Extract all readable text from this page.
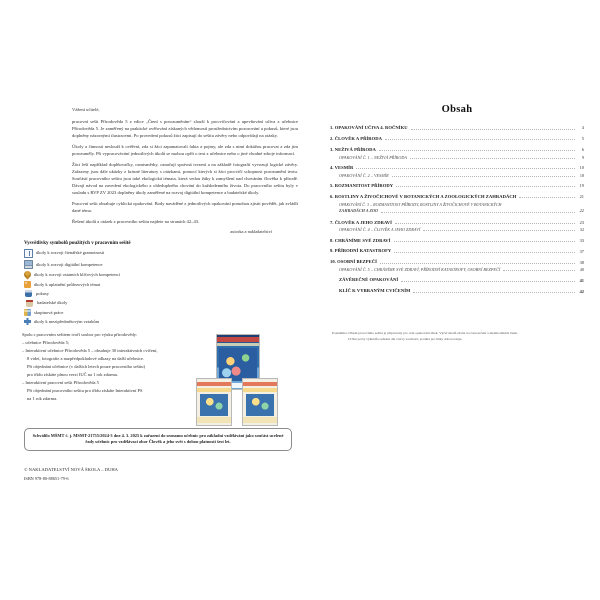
Vážení učitelé,

pracovní sešit Přírodověda 5 z edice „Čtení s porozuměním“ slouží k procvičování a upevňování učiva z učebnice Přírodověda 5. Je zaměřený na praktické ověřování získaných vědomostí prostřednictvím pozorování a pokusů, které jsou doplněny názornými ilustracemi. Po provedení pokusů žáci zapisují do sešitu závěry nebo odpovídají na otázky.

Úkoly a činnosti neslouží k ověření, zda si žáci zapamatovali fakta a pojmy, ale zda s nimi dokážou pracovat a zda jim porozuměly. Při vypracovávání jednotlivých úkolů se mohou opřít o text z učebnice nebo o jiné vhodné zdroje informací.

Žáci řeší například doplňovačky, osmisměrky, označují správná tvrzení a na základě fotografií vyvozují logické závěry. Zařazeny jsou dále ukázky z krásné literatury s otázkami, pomocí kterých si žáci procvičí schopnost porozumění textu. Součástí pracovního sešitu jsou také ekologická témata, která vedou žáky k zamyšlení nad chováním člověka k přírodě. Dávají návod na zavedení ekologického a ohleduplného chování do každodenního života. Do pracovního sešitu byly v souladu s RVP ZV 2023 doplněny úkoly zaměřené na rozvoj digitální kompetence a badatelské úkoly.

Pracovní sešit obsahuje cyklická opakování. Body naváděné z jednotlivých opakování pomohou zjistit povědět, jak zvládli dané téma.

Řešení úkolů a otázek z pracovního sešitu najdete na stranách 42–43.

autorka a nakladatelství
Vysvětlivky symbolů použitých v pracovním sešitě
úkoly k rozvoji čtenářské gramotnosti
úkoly k rozvoji digitální kompetence
úkoly k rozvoji ostatních klíčových kompetencí
úkoly k uplatnění průřezových témat
pokusy
badatelské úkoly
skupinová práce
úkoly k mezipředmětovým vztahům

Spolu s pracovním sešitem tvoří soubor pro výuku přírodovědy:

– učebnice Přírodověda 5;

– Interaktivní učebnice Přírodověda 5 – obsahuje 30 interaktivních cvičení,

8 videí, fotografie a nazpředpokladové odkazy na další učebnice.

Při objednání učebnice (v dalších letech pouze pracovního sešitu)

pro třídu získáte plnou verzi IUČ na 1 rok zdarma.

– Interaktivní pracovní sešit Přírodověda 5

Při objednání pracovního sešitu pro třídu získáte Interaktivní PS

na 1 rok zdarma.

Schválilo MŠMT č. j. MSMT-21755/2024-3 dne 4. 3. 2025 k zařazení do seznamu učebnic pro základní vzdělávání jako součást ucelené řady učebnic pro vzdělávací obor Člověk a jeho svět s dobou platnosti šest let.
© NAKLADATELSTVÍ NOVÁ ŠKOLA – DUHA
ISBN 978-80-88651-79-6
Obsah
1. OPAKOVÁNÍ UČIVA 4. ROČNÍKU	4
2. ČLOVĚK A PŘÍRODA	5
3. NEŽIVÁ PŘÍRODA	6
OPAKOVÁNÍ Č. 1 – NEŽIVÁ PŘÍRODA	9
4. VESMÍR	10
OPAKOVÁNÍ Č. 2 – VESMÍR	18
5. ROZMANITOST PŘÍRODY	19
6. ROSTLINY A ŽIVOČICHOVÉ V BOTANICKÝCH A ZOOLOGICKÝCH ZAHRADÁCH	21
OPAKOVÁNÍ Č. 3 – ROZMANITOST PŘÍRODY, ROSTLINY A ŽIVOČICHOVÉ V BOTANICKÝCH
ZAHRADÁCH A ZOO	22
7. ČLOVĚK A JEHO ZDRAVÍ	23
OPAKOVÁNÍ Č. 4 – ČLOVĚK A JEHO ZDRAVÍ	32
8. CHRÁNÍME SVÉ ZDRAVÍ	33
9. PŘÍRODNÍ KATASTROFY	37
10. OSOBNÍ BEZPEČÍ	38
OPAKOVÁNÍ Č. 5 – CHRÁNÍME SVÉ ZDRAVÍ, PŘÍRODNÍ KATASTROFY, OSOBNÍ BEZPEČÍ	40
ZÁVĚREČNÉ OPAKOVÁNÍ	41
KLÍČ K VYBRANÝM CVIČENÍM	42
Poznámka: Obsah pracovního sešitu je připravený pro celé opakování látek. Výčet úkolů závisí na času určení a mezihodinách látek.
Určité počty výkladů rozhraní dle vrstvy souvisící, prolíná pro lišky doborovanja.
